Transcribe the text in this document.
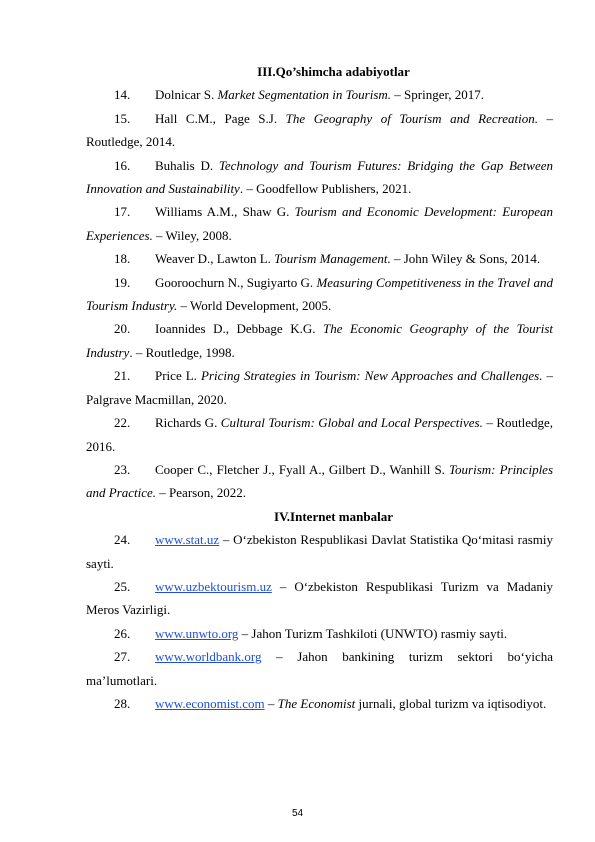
III.Qo’shimcha adabiyotlar

14. Dolnicar S. Market Segmentation in Tourism. – Springer, 2017.

15. Hall C.M., Page S.J. The Geography of Tourism and Recreation. – Routledge, 2014.

16. Buhalis D. Technology and Tourism Futures: Bridging the Gap Between Innovation and Sustainability. – Goodfellow Publishers, 2021.

17. Williams A.M., Shaw G. Tourism and Economic Development: European Experiences. – Wiley, 2008.

18. Weaver D., Lawton L. Tourism Management. – John Wiley & Sons, 2014.

19. Gooroochurn N., Sugiyarto G. Measuring Competitiveness in the Travel and Tourism Industry. – World Development, 2005.

20. Ioannides D., Debbage K.G. The Economic Geography of the Tourist Industry. – Routledge, 1998.

21. Price L. Pricing Strategies in Tourism: New Approaches and Challenges. – Palgrave Macmillan, 2020.

22. Richards G. Cultural Tourism: Global and Local Perspectives. – Routledge, 2016.

23. Cooper C., Fletcher J., Fyall A., Gilbert D., Wanhill S. Tourism: Principles and Practice. – Pearson, 2022.

IV.Internet manbalar

24. www.stat.uz – O‘zbekiston Respublikasi Davlat Statistika Qo‘mitasi rasmiy sayti.

25. www.uzbektourism.uz – O‘zbekiston Respublikasi Turizm va Madaniy Meros Vazirligi.

26. www.unwto.org – Jahon Turizm Tashkiloti (UNWTO) rasmiy sayti.

27. www.worldbank.org – Jahon bankining turizm sektori bo‘yicha ma’lumotlari.

28. www.economist.com – The Economist jurnali, global turizm va iqtisodiyot.

54
